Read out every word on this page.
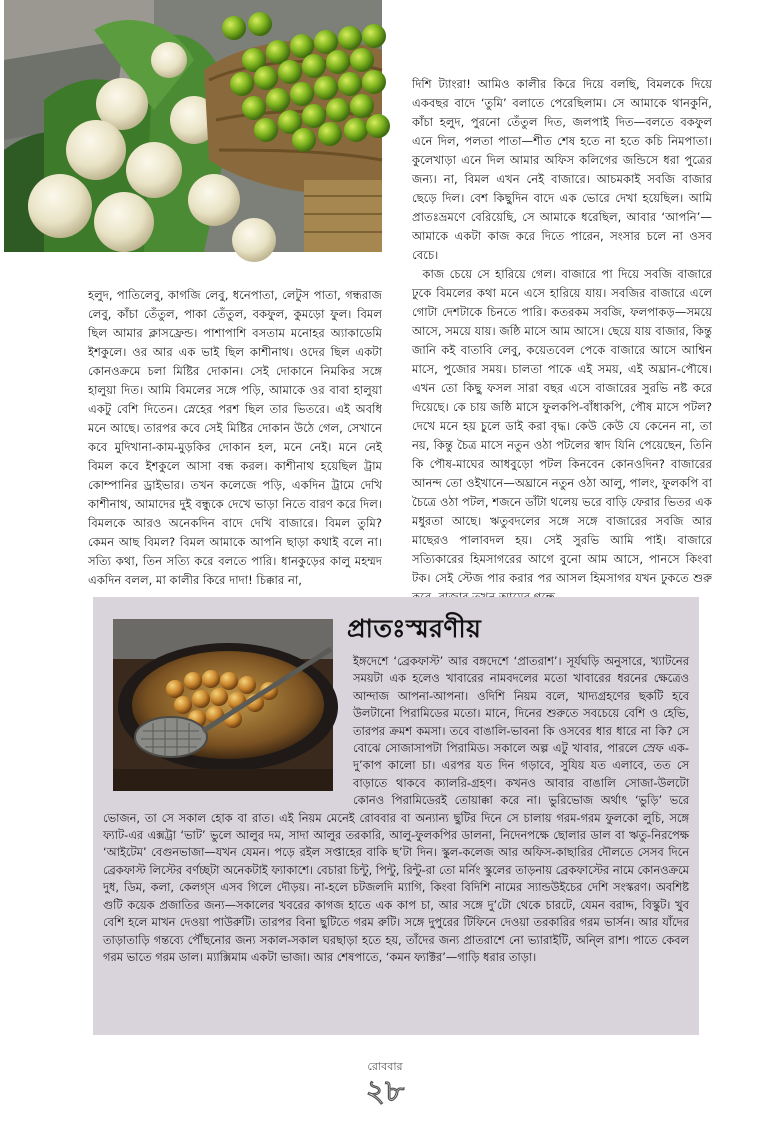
হলুদ, পাতিলেবু, কাগজি লেবু, ধনেপাতা, লেটুস পাতা, গন্ধরাজ লেবু, কাঁচা তেঁতুল, পাকা তেঁতুল, বকফুল, কুমড়ো ফুল। বিমল ছিল আমার ক্লাসফ্রেন্ড। পাশাপাশি বসতাম মনোহর অ্যাকাডেমি ইশকুলে। ওর আর এক ভাই ছিল কাশীনাথ। ওদের ছিল একটা কোনওক্রমে চলা মিষ্টির দোকান। সেই দোকানে নিমকির সঙ্গে হালুয়া দিত। আমি বিমলের সঙ্গে পড়ি, আমাকে ওর বাবা হালুয়া একটু বেশি দিতেন। স্নেহের পরশ ছিল তার ভিতরে। এই অবধি মনে আছে। তারপর কবে সেই মিষ্টির দোকান উঠে গেল, সেখানে কবে মুদিখানা-কাম-মুড়কির দোকান হল, মনে নেই। মনে নেই বিমল কবে ইশকুলে আসা বন্ধ করল। কাশীনাথ হয়েছিল ট্রাম কোম্পানির ড্রাইভার। তখন কলেজে পড়ি, একদিন ট্রামে দেখি কাশীনাথ, আমাদের দুই বন্ধুকে দেখে ভাড়া নিতে বারণ করে দিল। বিমলকে আরও অনেকদিন বাদে দেখি বাজারে। বিমল তুমি? কেমন আছ বিমল? বিমল আমাকে আপনি ছাড়া কথাই বলে না। সত্যি কথা, তিন সত্যি করে বলতে পারি। ধানকুড়ের কালু মহম্মদ একদিন বলল, মা কালীর কিরে দাদা! চিক্কার না,

দিশি ট্যাংরা! আমিও কালীর কিরে দিয়ে বলছি, বিমলকে দিয়ে একবছর বাদে ‘তুমি’ বলাতে পেরেছিলাম। সে আমাকে থানকুনি, কাঁচা হলুদ, পুরনো তেঁতুল দিত, জলপাই দিত—বলতে বকফুল এনে দিল, পলতা পাতা—শীত শেষ হতে না হতে কচি নিমপাতা। কুলেখাড়া এনে দিল আমার অফিস কলিগের জন্ডিসে ধরা পুত্রের জন্য। না, বিমল এখন নেই বাজারে। আচমকাই সবজি বাজার ছেড়ে দিল। বেশ কিছুদিন বাদে এক ভোরে দেখা হয়েছিল। আমি প্রাতঃভ্রমণে বেরিয়েছি, সে আমাকে ধরেছিল, আবার ‘আপনি’—আমাকে একটা কাজ করে দিতে পারেন, সংসার চলে না ওসব বেচে।

কাজ চেয়ে সে হারিয়ে গেল। বাজারে পা দিয়ে সবজি বাজারে ঢুকে বিমলের কথা মনে এসে হারিয়ে যায়। সবজির বাজারে এলে গোটা দেশটাকে চিনতে পারি। কতরকম সবজি, ফলপাকড়—সময়ে আসে, সময়ে যায়। জষ্ঠি মাসে আম আসে। ছেয়ে যায় বাজার, কিন্তু জানি কই বাতাবি লেবু, কয়েতবেল পেকে বাজারে আসে আশ্বিন মাসে, পুজোর সময়। চালতা পাকে এই সময়, এই অঘ্রান-পৌষে। এখন তো কিছু ফসল সারা বছর এসে বাজারের সুরভি নষ্ট করে দিয়েছে। কে চায় জষ্ঠি মাসে ফুলকপি-বাঁধাকপি, পৌষ মাসে পটল? দেখে মনে হয় চুলে ডাই করা বৃদ্ধ। কেউ কেউ যে কেনেন না, তা নয়, কিন্তু চৈত্র মাসে নতুন ওঠা পটলের স্বাদ যিনি পেয়েছেন, তিনি কি পৌষ-মাঘের আধবুড়ো পটল কিনবেন কোনওদিন? বাজারের আনন্দ তো ওইখানে—অঘ্রানে নতুন ওঠা আলু, পালং, ফুলকপি বা চৈত্রে ওঠা পটল, শজনে ডাঁটা থলেয় ভরে বাড়ি ফেরার ভিতর এক মধুরতা আছে। ঋতুবদলের সঙ্গে সঙ্গে বাজারের সবজি আর মাছেরও পালাবদল হয়। সেই সুরভি আমি পাই। বাজারে সত্যিকারের হিমসাগরের আগে বুনো আম আসে, পানসে কিংবা টক। সেই স্টেজ পার করার পর আসল হিমসাগর যখন ঢুকতে শুরু

প্রাতঃস্মরণীয়

ইঙ্গদেশে ‘ব্রেকফাস্ট’ আর বঙ্গদেশে ‘প্রাতরাশ’। সূর্যঘড়ি অনুসারে, খ্যাটনের সময়টা এক হলেও খাবারের নামবদলের মতো খাবারের ধরনের ক্ষেত্রেও আন্দাজ আপনা-আপনা। ওদিশি নিয়ম বলে, খাদ্যগ্রহণের ছকটি হবে উলটানো পিরামিডের মতো। মানে, দিনের শুরুতে সবচেয়ে বেশি ও হেভি, তারপর ক্রমশ কমসা। তবে বাঙালি-ভাবনা কি ওসবের ধার ধারে না কি? সে বোঝে সোজাসাপটা পিরামিড। সকালে অল্প এটু খাবার, পারলে স্রেফ এক-দু’কাপ কালো চা। এরপর যত দিন গড়াবে, সুযিয় যত এলাবে, তত সে বাড়াতে থাকবে ক্যালরি-গ্রহণ। কখনও আবার বাঙালি সোজা-উলটো কোনও পিরামিডেরই তোয়াক্কা করে না। ভুরিভোজ অর্থাৎ ‘ভুড়ি’ ভরে ভোজন, তা সে সকাল হোক বা রাত। এই নিয়ম মেনেই রোববার বা অন্যান্য ছুটির দিনে সে চালায় গরম-গরম ফুলকো লুচি, সঙ্গে ফ্যাট-এর এক্সট্রা ‘ভাট’ ভুলে আলুর দম, সাদা আলুর তরকারি, আলু-ফুলকপির ডালনা, নিদেনপক্ষে ছোলার ডাল বা ঋতু-নিরপেক্ষ ‘আইটেম’ বেগুনভাজা—যখন যেমন। পড়ে রইল সপ্তাহের বাকি ছ’টা দিন। স্কুল-কলেজ আর অফিস-কাছারির দৌলতে সেসব দিনে ব্রেকফাস্ট লিস্টের বর্ণচ্ছটা অনেকটাই ফ্যাকাশে। বেচারা চিন্টু, পিন্টু, রিন্টু-রা তো মর্নিং স্কুলের তাড়নায় ব্রেকফাস্টের নামে কোনওক্রমে দুধ, ডিম, কলা, কেলগ্স এসব গিলে দৌড়য়। না-হলে চটজলদি ম্যাগি, কিংবা বিদিশি নামের স্যান্ডউইচের দেশি সংস্করণ। অবশিষ্ট গুটি কয়েক প্রজাতির জন্য—সকালের খবরের কাগজ হাতে এক কাপ চা, আর সঙ্গে দু’টো থেকে চারটে, যেমন বরাদ্দ, বিস্কুট। খুব বেশি হলে মাখন দেওয়া পাউরুটি। তারপর বিনা ছুটিতে গরম রুটি। সঙ্গে দুপুরের টিফিনে দেওয়া তরকারির গরম ভার্সন। আর যাঁদের তাড়াতাড়ি গন্তব্যে পৌঁছনোর জন্য সকাল-সকাল ঘরছাড়া হতে হয়, তাঁদের জন্য প্রাতরাশে নো ভ্যারাইটি, অন্লি রাশ। পাতে কেবল গরম ভাতে গরম ডাল। ম্যাক্সিমাম একটা ভাজা। আর শেষপাতে, ‘কমন ফ্যাক্টর’—গাড়ি ধরার তাড়া।

রোববার
২৮
